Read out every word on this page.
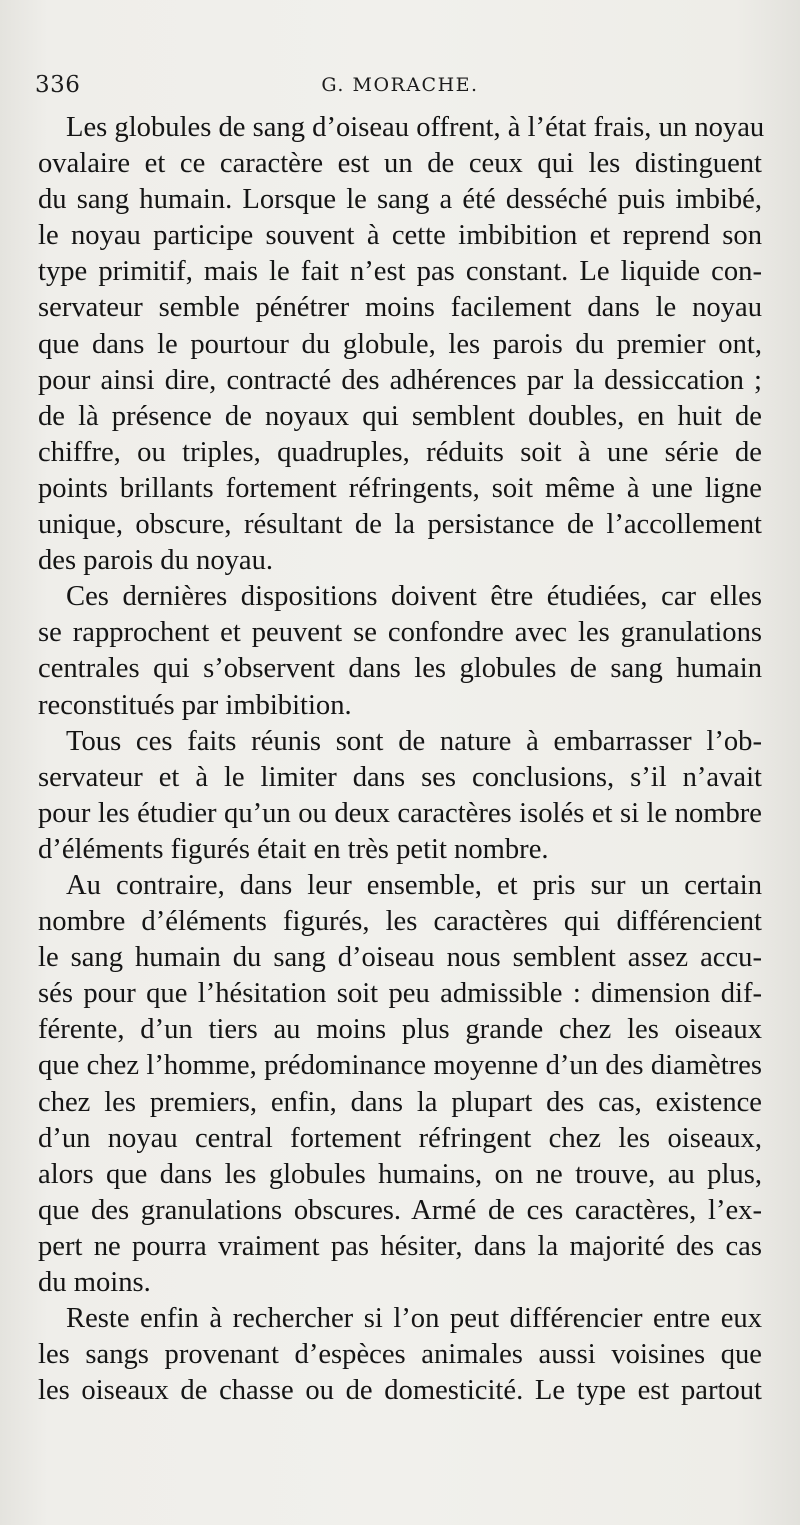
336	G. MORACHE.
Les globules de sang d’oiseau offrent, à l’état frais, un noyau
ovalaire et ce caractère est un de ceux qui les distinguent
du sang humain. Lorsque le sang a été desséché puis imbibé,
le noyau participe souvent à cette imbibition et reprend son
type primitif, mais le fait n’est pas constant. Le liquide con-
servateur semble pénétrer moins facilement dans le noyau
que dans le pourtour du globule, les parois du premier ont,
pour ainsi dire, contracté des adhérences par la dessiccation ;
de là présence de noyaux qui semblent doubles, en huit de
chiffre, ou triples, quadruples, réduits soit à une série de
points brillants fortement réfringents, soit même à une ligne
unique, obscure, résultant de la persistance de l’accollement
des parois du noyau.
Ces dernières dispositions doivent être étudiées, car elles
se rapprochent et peuvent se confondre avec les granulations
centrales qui s’observent dans les globules de sang humain
reconstitués par imbibition.
Tous ces faits réunis sont de nature à embarrasser l’ob-
servateur et à le limiter dans ses conclusions, s’il n’avait
pour les étudier qu’un ou deux caractères isolés et si le nombre
d’éléments figurés était en très petit nombre.
Au contraire, dans leur ensemble, et pris sur un certain
nombre d’éléments figurés, les caractères qui différencient
le sang humain du sang d’oiseau nous semblent assez accu-
sés pour que l’hésitation soit peu admissible : dimension dif-
férente, d’un tiers au moins plus grande chez les oiseaux
que chez l’homme, prédominance moyenne d’un des diamètres
chez les premiers, enfin, dans la plupart des cas, existence
d’un noyau central fortement réfringent chez les oiseaux,
alors que dans les globules humains, on ne trouve, au plus,
que des granulations obscures. Armé de ces caractères, l’ex-
pert ne pourra vraiment pas hésiter, dans la majorité des cas
du moins.
Reste enfin à rechercher si l’on peut différencier entre eux
les sangs provenant d’espèces animales aussi voisines que
les oiseaux de chasse ou de domesticité. Le type est partout
